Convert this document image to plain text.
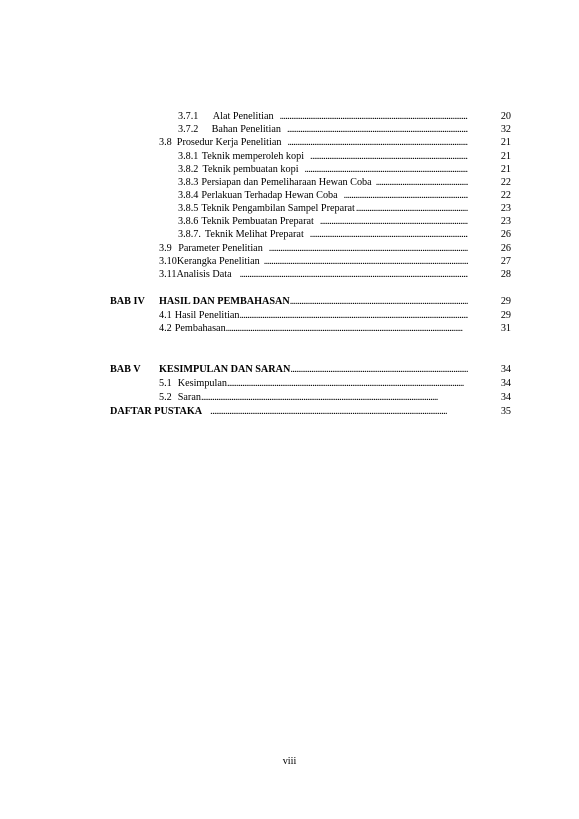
3.7.1	Alat Penelitian . . .	20
3.7.2	Bahan Penelitian . . .	32
3.8 Prosedur Kerja Penelitian . . .	21
3.8.1 Teknik memperoleh kopi . . .	21
3.8.2 Teknik pembuatan kopi . . .	21
3.8.3 Persiapan dan Pemeliharaan Hewan Coba . . .	22
3.8.4 Perlakuan Terhadap Hewan Coba . . .	22
3.8.5 Teknik Pengambilan Sampel Preparat . . .	23
3.8.6 Teknik Pembuatan Preparat . . .	23
3.8.7. Teknik Melihat Preparat . . .	26
3.9 Parameter Penelitian . . .	26
3.10 Kerangka Penelitian . . .	27
3.11 Analisis Data . . .	28
BAB IV HASIL DAN PEMBAHASAN . . .	29
4.1 Hasil Penelitian . . .	29
4.2 Pembahasan . . .	31
BAB V KESIMPULAN DAN SARAN . . .	34
5.1 Kesimpulan . . .	34
5.2 Saran . . .	34
DAFTAR PUSTAKA . . .	35
viii
